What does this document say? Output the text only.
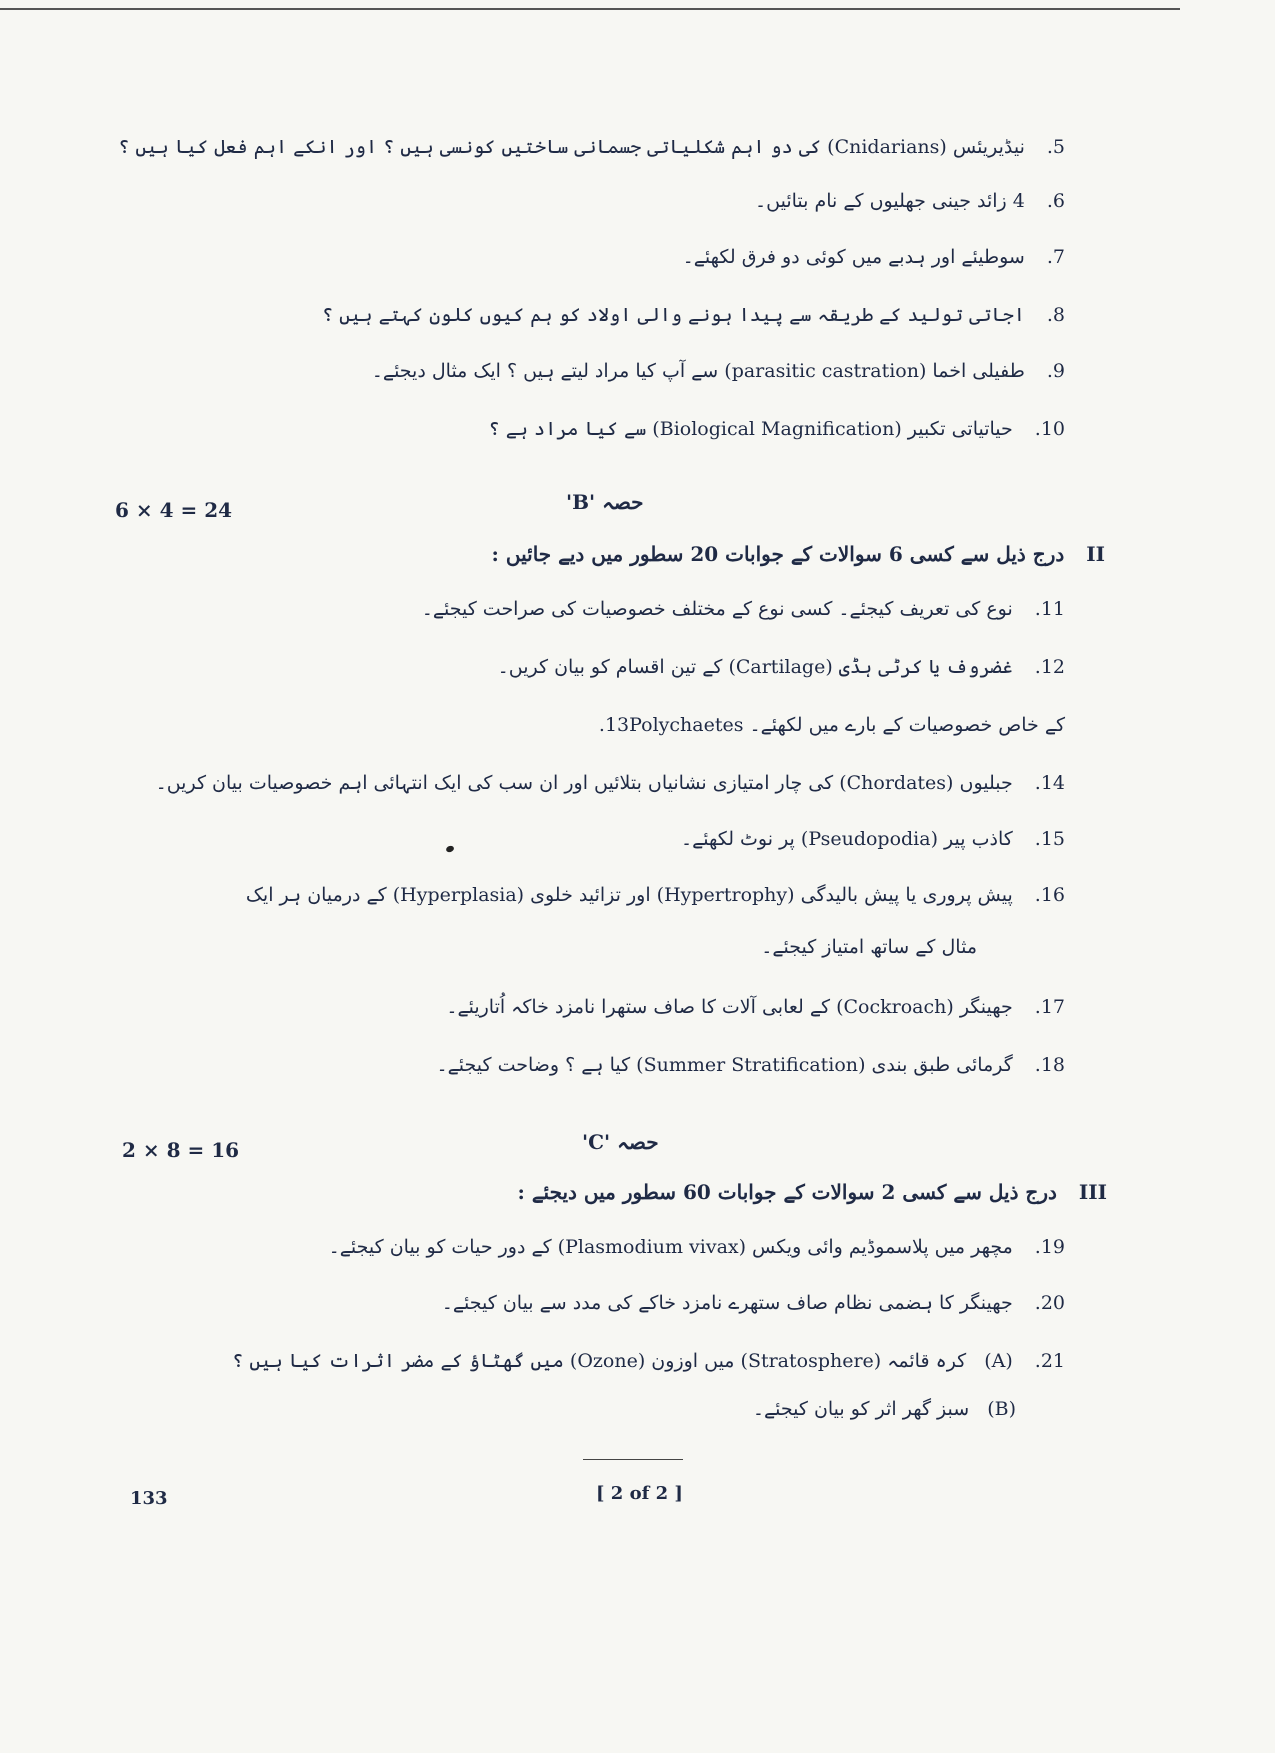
.5نیڈیریئس (Cnidarians) کی دو اہم شکلیاتی جسمانی ساختیں کونسی ہیں ؟ اور انکے اہم فعل کیا ہیں ؟
.64 زائد جینی جھلیوں کے نام بتائیں۔
.7سوطیئے اور ہدبے میں کوئی دو فرق لکھئے۔
.8اجاتی تولید کے طریقہ سے پیدا ہونے والی اولاد کو ہم کیوں کلون کہتے ہیں ؟
.9طفیلی اخما (parasitic castration) سے آپ کیا مراد لیتے ہیں ؟ ایک مثال دیجئے۔
.10حیاتیاتی تکبیر (Biological Magnification) سے کیا مراد ہے ؟
6 × 4 = 24	حصہ 'B'
IIدرج ذیل سے کسی 6 سوالات کے جوابات 20 سطور میں دیے جائیں :
.11نوع کی تعریف کیجئے۔ کسی نوع کے مختلف خصوصیات کی صراحت کیجئے۔
.12غضروف یا کرٹی ہڈی (Cartilage) کے تین اقسام کو بیان کریں۔
.13Polychaetes کے خاص خصوصیات کے بارے میں لکھئے۔
.14جبلیوں (Chordates) کی چار امتیازی نشانیاں بتلائیں اور ان سب کی ایک انتہائی اہم خصوصیات بیان کریں۔
.15کاذب پیر (Pseudopodia) پر نوٹ لکھئے۔
.16پیش پروری یا پیش بالیدگی (Hypertrophy) اور تزائید خلوی (Hyperplasia) کے درمیان ہر ایک
مثال کے ساتھ امتیاز کیجئے۔
.17جھینگر (Cockroach) کے لعابی آلات کا صاف ستھرا نامزد خاکہ اُتاریئے۔
.18گرمائی طبق بندی (Summer Stratification) کیا ہے ؟ وضاحت کیجئے۔
2 × 8 = 16	حصہ 'C'
IIIدرج ذیل سے کسی 2 سوالات کے جوابات 60 سطور میں دیجئے :
.19مچھر میں پلاسموڈیم وائی ویکس (Plasmodium vivax) کے دور حیات کو بیان کیجئے۔
.20جھینگر کا ہضمی نظام صاف ستھرے نامزد خاکے کی مدد سے بیان کیجئے۔
.21(A)کرہ قائمہ (Stratosphere) میں اوزون (Ozone) میں گھٹاؤ کے مضر اثرات کیا ہیں ؟
(B)سبز گھر اثر کو بیان کیجئے۔
133	[ 2 of 2 ]
